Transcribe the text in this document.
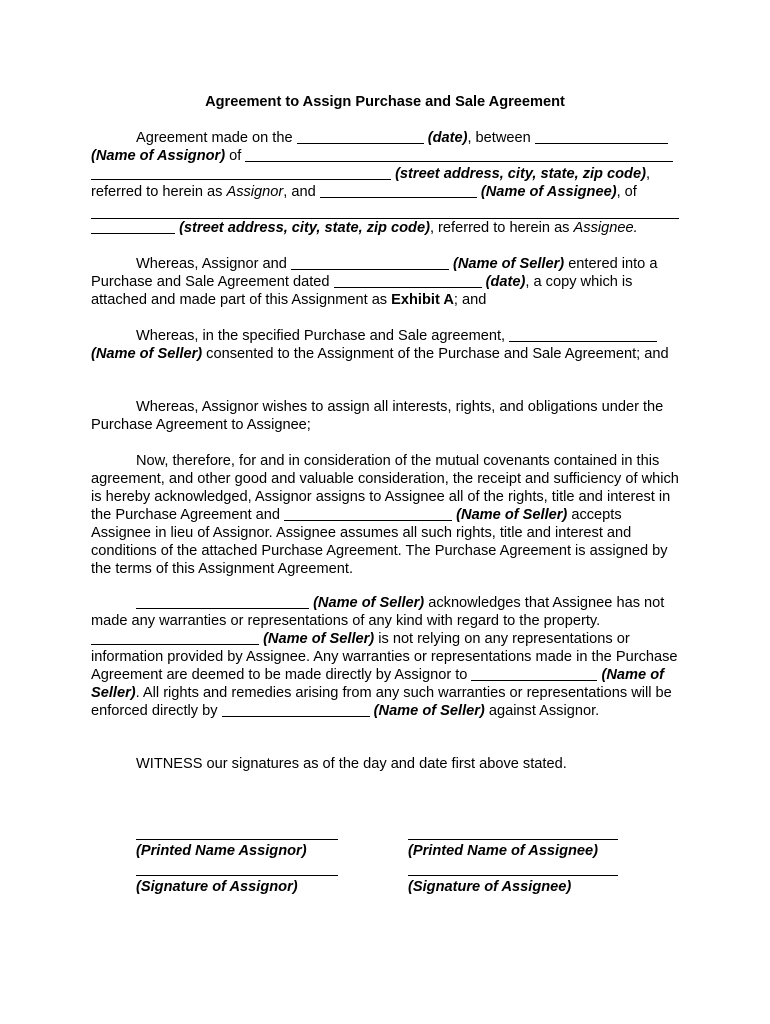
Agreement to Assign Purchase and Sale Agreement
Agreement made on the	(date), between
(Name of Assignor) of
(street address, city, state, zip code),
referred to herein as Assignor, and	(Name of Assignee), of

(street address, city, state, zip code), referred to herein as Assignee.
Whereas, Assignor and	(Name of Seller) entered into a Purchase and Sale Agreement dated	(date), a copy which is attached and made part of this Assignment as Exhibit A; and
Whereas, in the specified Purchase and Sale agreement,  (Name of Seller) consented to the Assignment of the Purchase and Sale Agreement; and
Whereas, Assignor wishes to assign all interests, rights, and obligations under the Purchase Agreement to Assignee;
Now, therefore, for and in consideration of the mutual covenants contained in this agreement, and other good and valuable consideration, the receipt and sufficiency of which is hereby acknowledged, Assignor assigns to Assignee all of the rights, title and interest in the Purchase Agreement and	(Name of Seller) accepts Assignee in lieu of Assignor. Assignee assumes all such rights, title and interest and conditions of the attached Purchase Agreement. The Purchase Agreement is assigned by the terms of this Assignment Agreement.
(Name of Seller) acknowledges that Assignee has not made any warranties or representations of any kind with regard to the property.  (Name of Seller) is not relying on any representations or information provided by Assignee. Any warranties or representations made in the Purchase Agreement are deemed to be made directly by Assignor to	(Name of Seller). All rights and remedies arising from any such warranties or representations will be enforced directly by	(Name of Seller) against Assignor.
WITNESS our signatures as of the day and date first above stated.
(Printed Name Assignor)	(Printed Name of Assignee)
(Signature of Assignor)	(Signature of Assignee)
